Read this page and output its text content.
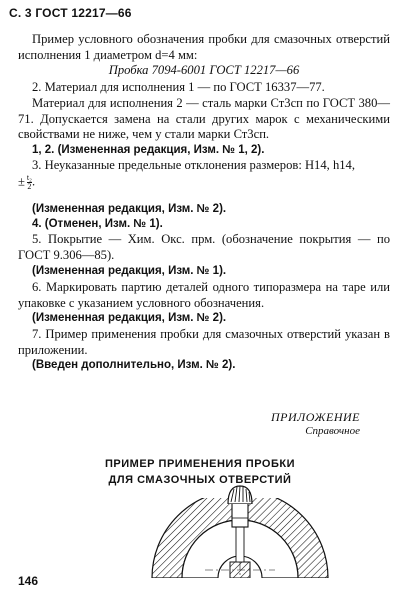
С. 3 ГОСТ 12217—66
Пример условного обозначения пробки для смазочных отверстий исполнения 1 диаметром d=4 мм:
Пробка 7094-6001 ГОСТ 12217—66
2. Материал для исполнения 1 — по ГОСТ 16337—77.
Материал для исполнения 2 — сталь марки Ст3сп по ГОСТ 380—71. Допускается замена на стали других марок с механическими свойствами не ниже, чем у стали марки Ст3сп.
1, 2. (Измененная редакция, Изм. № 1, 2).
3. Неуказанные предельные отклонения размеров: H14, h14,
± $\frac{\text{t₂}}{2}$ .
(Измененная редакция, Изм. № 2).
4. (Отменен, Изм. № 1).
5. Покрытие — Хим. Окс. прм. (обозначение покрытия — по ГОСТ 9.306—85).
(Измененная редакция, Изм. № 1).
6. Маркировать партию деталей одного типоразмера на таре или упаковке с указанием условного обозначения.
(Измененная редакция, Изм. № 2).
7. Пример применения пробки для смазочных отверстий указан в приложении.
(Введен дополнительно, Изм. № 2).
ПРИЛОЖЕНИЕ
Справочное
ПРИМЕР ПРИМЕНЕНИЯ ПРОБКИ
ДЛЯ СМАЗОЧНЫХ ОТВЕРСТИЙ
146
